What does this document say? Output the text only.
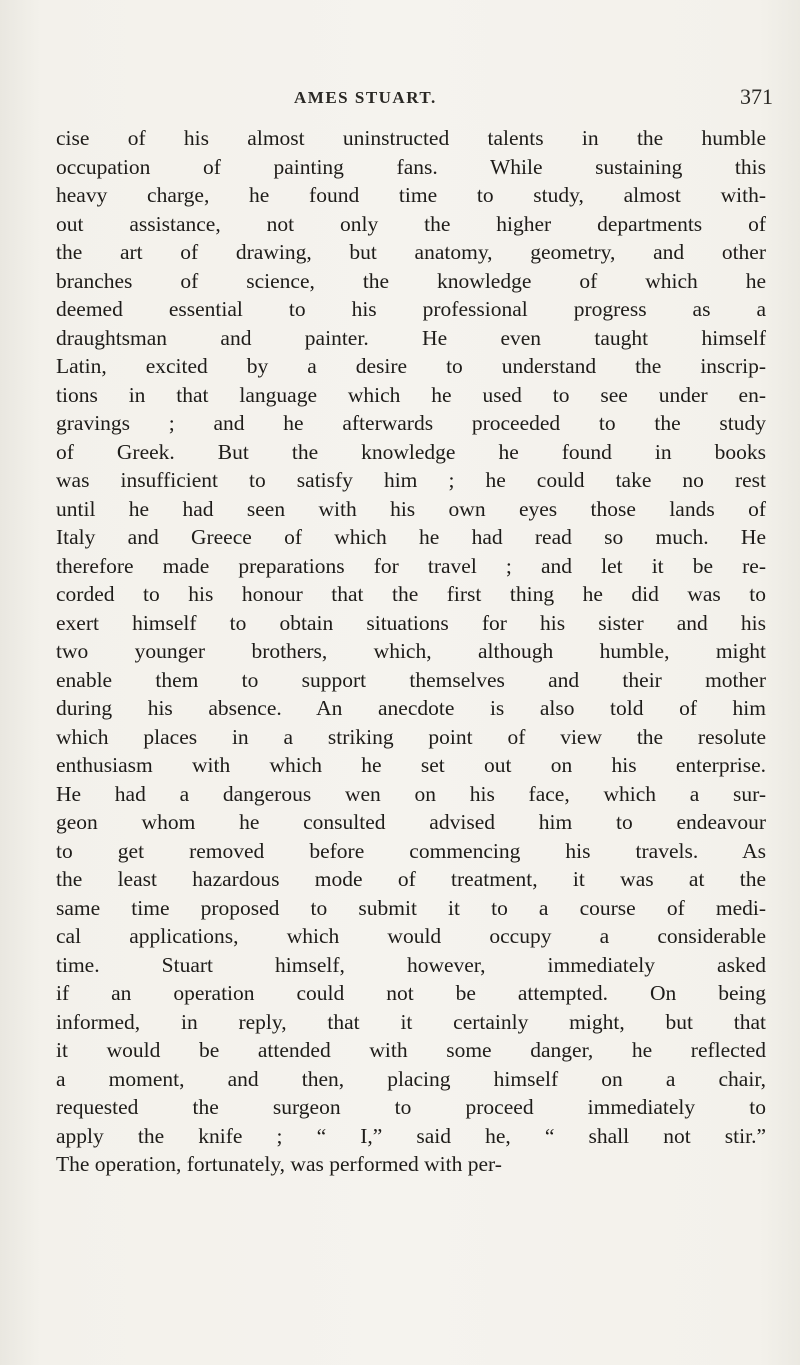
AMES STUART.	371
cise of his almost uninstructed talents in the humble
occupation of painting fans. While sustaining this
heavy charge, he found time to study, almost with-
out assistance, not only the higher departments of
the art of drawing, but anatomy, geometry, and other
branches of science, the knowledge of which he
deemed essential to his professional progress as a
draughtsman and painter. He even taught himself
Latin, excited by a desire to understand the inscrip-
tions in that language which he used to see under en-
gravings ; and he afterwards proceeded to the study
of Greek. But the knowledge he found in books
was insufficient to satisfy him ; he could take no rest
until he had seen with his own eyes those lands of
Italy and Greece of which he had read so much. He
therefore made preparations for travel ; and let it be re-
corded to his honour that the first thing he did was to
exert himself to obtain situations for his sister and his
two younger brothers, which, although humble, might
enable them to support themselves and their mother
during his absence. An anecdote is also told of him
which places in a striking point of view the resolute
enthusiasm with which he set out on his enterprise.
He had a dangerous wen on his face, which a sur-
geon whom he consulted advised him to endeavour
to get removed before commencing his travels. As
the least hazardous mode of treatment, it was at the
same time proposed to submit it to a course of medi-
cal applications, which would occupy a considerable
time. Stuart himself, however, immediately asked
if an operation could not be attempted. On being
informed, in reply, that it certainly might, but that
it would be attended with some danger, he reflected
a moment, and then, placing himself on a chair,
requested the surgeon to proceed immediately to
apply the knife ; “ I,” said he, “ shall not stir.”
The operation, fortunately, was performed with per-
